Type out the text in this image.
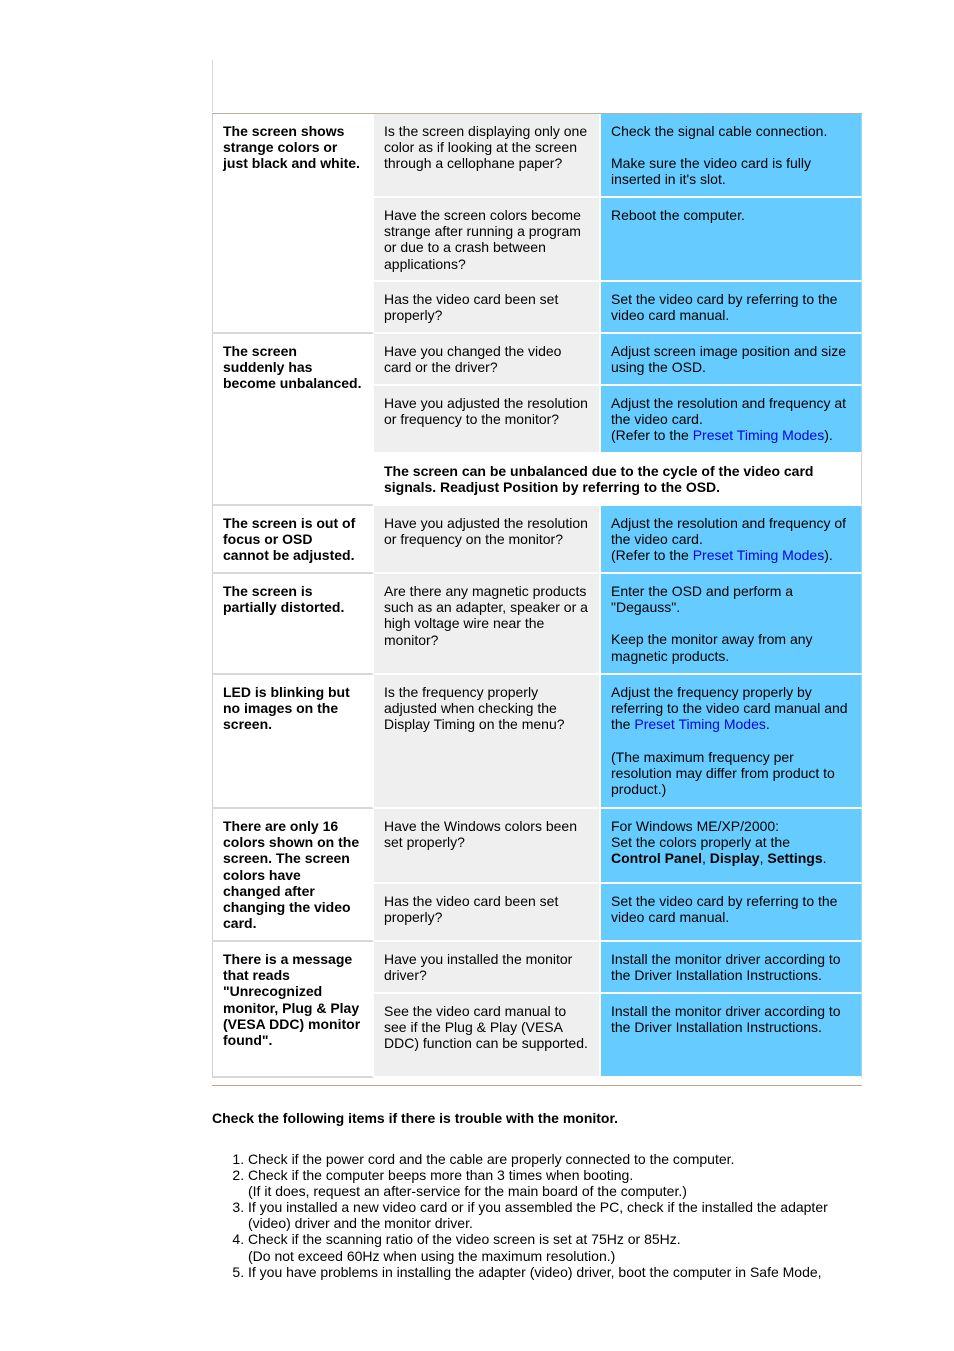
The screen shows strange colors or just black and white.	Is the screen displaying only one color as if looking at the screen through a cellophane paper?	Check the signal cable connection.
Make sure the video card is fully inserted in it's slot.

	Have the screen colors become strange after running a program or due to a crash between applications?	Reboot the computer.
	Has the video card been set properly?	Set the video card by referring to the video card manual.
The screen suddenly has become unbalanced.	Have you changed the video card or the driver?	Adjust screen image position and size using the OSD.
	Have you adjusted the resolution or frequency to the monitor?	Adjust the resolution and frequency at the video card.
(Refer to the Preset Timing Modes).

	The screen can be unbalanced due to the cycle of the video card signals. Readjust Position by referring to the OSD.	
The screen is out of focus or OSD cannot be adjusted.	Have you adjusted the resolution or frequency on the monitor?	Adjust the resolution and frequency of the video card.
(Refer to the Preset Timing Modes).

The screen is partially distorted.	Are there any magnetic products such as an adapter, speaker or a high voltage wire near the monitor?	Enter the OSD and perform a "Degauss".
Keep the monitor away from any magnetic products.

LED is blinking but no images on the screen.	Is the frequency properly adjusted when checking the Display Timing on the menu?	Adjust the frequency properly by referring to the video card manual and the Preset Timing Modes.
(The maximum frequency per resolution may differ from product to product.)

There are only 16 colors shown on the screen. The screen colors have changed after changing the video card.	Have the Windows colors been set properly?	For Windows ME/XP/2000:
Set the colors properly at the
Control Panel, Display, Settings.

	Has the video card been set properly?	Set the video card by referring to the video card manual.
There is a message that reads "Unrecognized monitor, Plug & Play (VESA DDC) monitor found".	Have you installed the monitor driver?	Install the monitor driver according to the Driver Installation Instructions.
	See the video card manual to see if the Plug & Play (VESA DDC) function can be supported.	Install the monitor driver according to the Driver Installation Instructions.
Check the following items if there is trouble with the monitor.
1. Check if the power cord and the cable are properly connected to the computer.
2. Check if the computer beeps more than 3 times when booting.
(If it does, request an after-service for the main board of the computer.)
3. If you installed a new video card or if you assembled the PC, check if the installed the adapter (video) driver and the monitor driver.
4. Check if the scanning ratio of the video screen is set at 75Hz or 85Hz.
(Do not exceed 60Hz when using the maximum resolution.)
5. If you have problems in installing the adapter (video) driver, boot the computer in Safe Mode,
